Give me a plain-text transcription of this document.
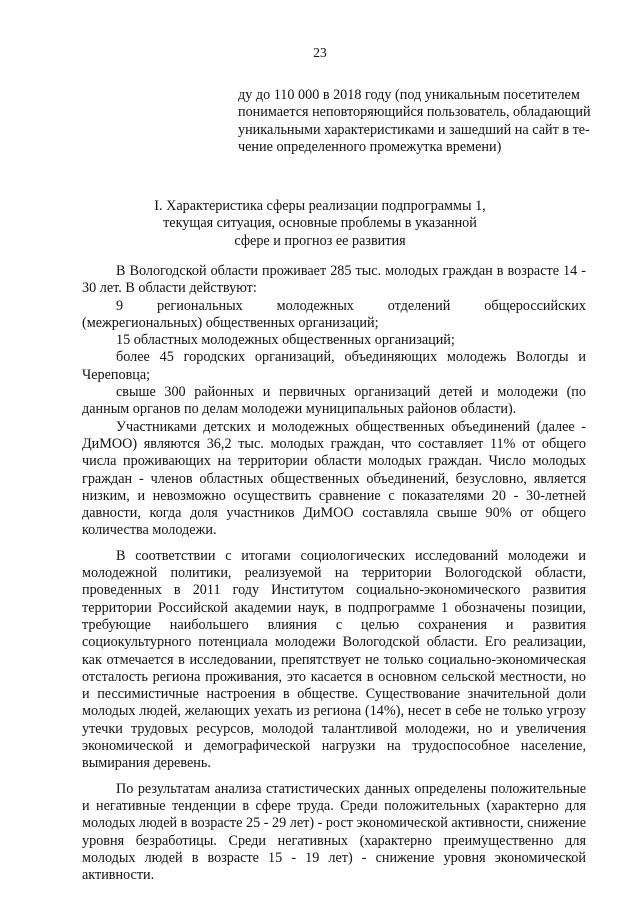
23
ду до 110 000 в 2018 году (под уникальным посетителем
понимается неповторяющийся пользователь, обладающий
уникальными характеристиками и зашедший на сайт в те-
чение определенного промежутка времени)
I. Характеристика сферы реализации подпрограммы 1,
текущая ситуация, основные проблемы в указанной
сфере и прогноз ее развития

В Вологодской области проживает 285 тыс. молодых граждан в возрасте 14 - 30 лет. В области действуют:

9 региональных молодежных отделений общероссийских (межрегиональных) общественных организаций;

15 областных молодежных общественных организаций;

более 45 городских организаций, объединяющих молодежь Вологды и Череповца;

свыше 300 районных и первичных организаций детей и молодежи (по данным органов по делам молодежи муниципальных районов области).

Участниками детских и молодежных общественных объединений (далее - ДиМОО) являются 36,2 тыс. молодых граждан, что составляет 11% от общего числа проживающих на территории области молодых граждан. Число молодых граждан - членов областных общественных объединений, безусловно, является низким, и невозможно осуществить сравнение с показателями 20 - 30-летней давности, когда доля участников ДиМОО составляла свыше 90% от общего количества молодежи.

В соответствии с итогами социологических исследований молодежи и молодежной политики, реализуемой на территории Вологодской области, проведенных в 2011 году Институтом социально-экономического развития территории Российской академии наук, в подпрограмме 1 обозначены позиции, требующие наибольшего влияния с целью сохранения и развития социокультурного потенциала молодежи Вологодской области. Его реализации, как отмечается в исследовании, препятствует не только социально-экономическая отсталость региона проживания, это касается в основном сельской местности, но и пессимистичные настроения в обществе. Существование значительной доли молодых людей, желающих уехать из региона (14%), несет в себе не только угрозу утечки трудовых ресурсов, молодой талантливой молодежи, но и увеличения экономической и демографической нагрузки на трудоспособное население, вымирания деревень.

По результатам анализа статистических данных определены положительные и негативные тенденции в сфере труда. Среди положительных (характерно для молодых людей в возрасте 25 - 29 лет) - рост экономической активности, снижение уровня безработицы. Среди негативных (характерно преимущественно для молодых людей в возрасте 15 - 19 лет) - снижение уровня экономической активности.
